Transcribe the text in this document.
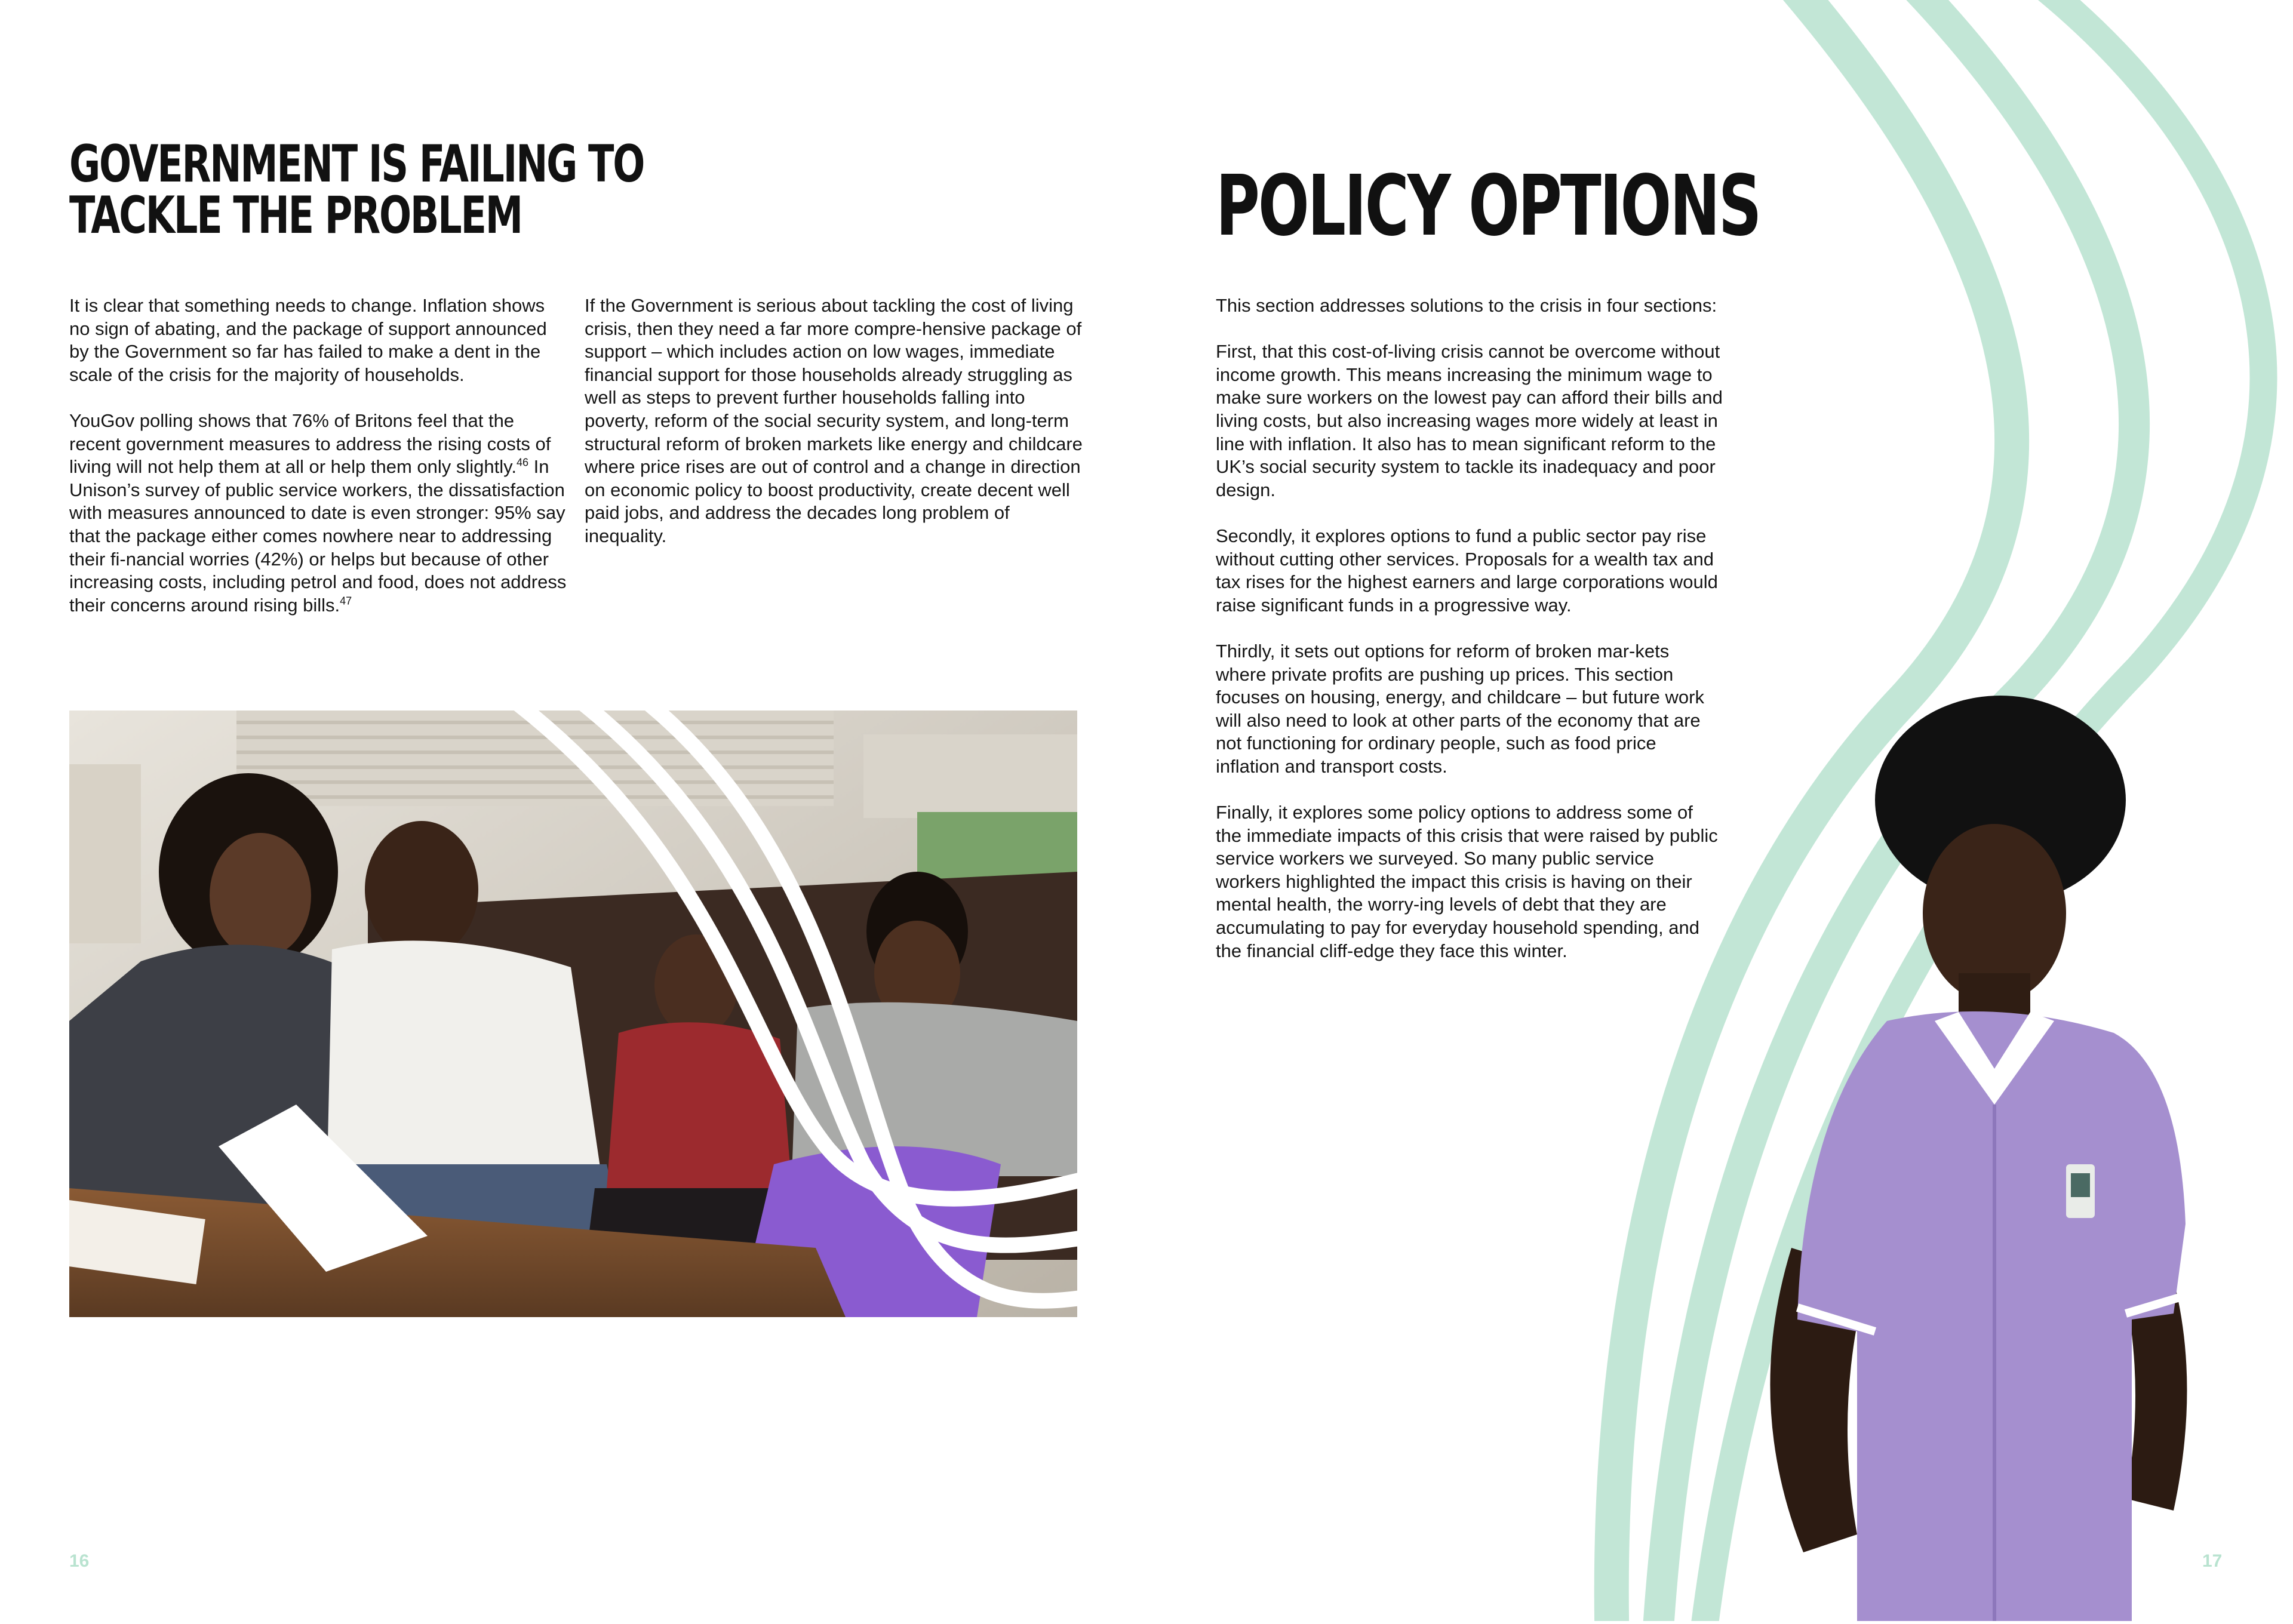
GOVERNMENT IS FAILING TO
TACKLE THE PROBLEM

It is clear that something needs to change. Inflation shows no sign of abating, and the package of support announced by the Government so far has failed to make a dent in the scale of the crisis for the majority of households.

YouGov polling shows that 76% of Britons feel that the recent government measures to address the rising costs of living will not help them at all or help them only slightly.$^{46}$ In Unison’s survey of public service workers, the dissatisfaction with measures announced to date is even stronger: 95% say that the package either comes nowhere near to addressing their fi-nancial worries (42%) or helps but because of other increasing costs, including petrol and food, does not address their concerns around rising bills.$^{47}$

If the Government is serious about tackling the cost of living crisis, then they need a far more compre-hensive package of support – which includes action on low wages, immediate financial support for those households already struggling as well as steps to prevent further households falling into poverty, reform of the social security system, and long-term structural reform of broken markets like energy and childcare where price rises are out of control and a change in direction on economic policy to boost productivity, create decent well paid jobs, and address the decades long problem of inequality.

16
POLICY OPTIONS

This section addresses solutions to the crisis in four sections:

First, that this cost-of-living crisis cannot be overcome without income growth. This means increasing the minimum wage to make sure workers on the lowest pay can afford their bills and living costs, but also increasing wages more widely at least in line with inflation. It also has to mean significant reform to the UK’s social security system to tackle its inadequacy and poor design.

Secondly, it explores options to fund a public sector pay rise without cutting other services. Proposals for a wealth tax and tax rises for the highest earners and large corporations would raise significant funds in a progressive way.

Thirdly, it sets out options for reform of broken mar-kets where private profits are pushing up prices. This section focuses on housing, energy, and childcare – but future work will also need to look at other parts of the economy that are not functioning for ordinary people, such as food price inflation and transport costs.

Finally, it explores some policy options to address some of the immediate impacts of this crisis that were raised by public service workers we surveyed. So many public service workers highlighted the impact this crisis is having on their mental health, the worry-ing levels of debt that they are accumulating to pay for everyday household spending, and the financial cliff-edge they face this winter.

17
